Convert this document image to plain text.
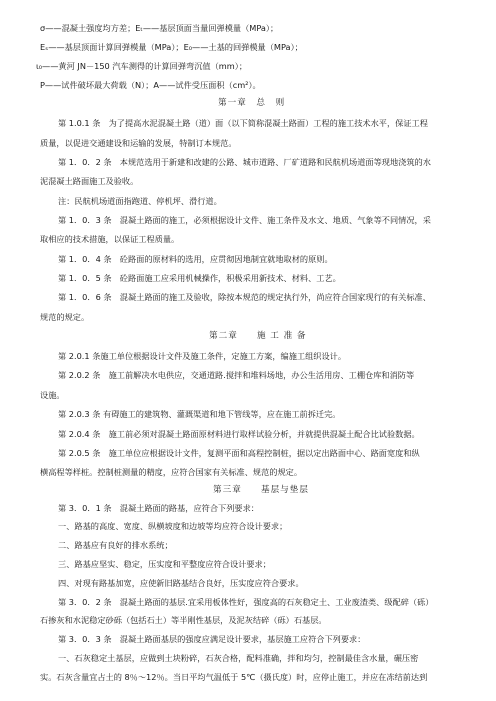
σ——混凝土强度均方差；Eₜ——基层顶面当量回弹模量（MPa）；
Eₛ——基层顶面计算回弹模量（MPa）；E₀——土基的回弹模量（MPa）；
ι₀——黄河 JN－150 汽车测得的计算回弹弯沉值（mm）；
P——试件破坏最大荷载（N）；A——试件受压面积（cm²）。
第一章　总　则
第 1.0.1 条　为了提高水泥混凝土路（道）面（以下简称混凝土路面）工程的施工技术水平，保证工程
质量，以促进交通建设和运输的发展，特制订本规范。
第 1．0．2 条　本规范选用于新建和改建的公路、城市道路、厂矿道路和民航机场道面等现地浇筑的水
泥混凝土路面施工及验收。
注：民航机场道面指跑道、停机坪、滑行道。
第 1．0．3 条　混凝土路面的施工，必须根据设计文件、施工条件及水文、地质、气象等不同情况，采
取相应的技术措施，以保证工程质量。
第 1．0．4 条　砼路面的原材料的选用，应贯彻因地制宜就地取材的原则。
第 1．0．5 条　砼路面施工应采用机械操作，积极采用新技术、材料、工艺。
第 1．0．6 条　混凝土路面的施工及验收，除按本规范的规定执行外，尚应符合国家现行的有关标准、
规范的规定。
第二章　　施 工 准 备
第 2.0.1 条施工单位根据设计文件及施工条件，定施工方案，编施工组织设计。
第 2.0.2 条　施工前解决水电供应，交通道路.搅拌和堆料场地，办公生活用房、工棚仓库和消防等
设施。
第 2.0.3 条 有碍施工的建筑物、灌溉渠道和地下管线等，应在施工前拆迁完。
第 2.0.4 条　施工前必须对混凝土路面原材料进行取样试验分析，并就提供混凝土配合比试验数据。
第 2.0.5 条　施工单位应根据设计文件，复测平面和高程控制桩，据以定出路面中心、路面宽度和纵
横高程等样桩。控制桩测量的精度，应符合国家有关标准、规范的规定。
第三章　　基层与垫层
第 3．0．1 条　混凝土路面的路基，应符合下列要求：
一、路基的高度、宽度、纵横坡度和边坡等均应符合设计要求；
二、路基应有良好的排水系统；
三、路基应坚实、稳定，压实度和平整度应符合设计要求；
四、对现有路基加宽，应使新旧路基结合良好，压实度应符合要求。
第 3．0．2 条　混凝土路面的基层.宜采用板体性好，强度高的石灰稳定土、工业废渣类、级配碎（砾）
石掺灰和水泥稳定砂砾（包括石土）等半刚性基层，及泥灰结碎（砾）石基层。
第 3．0．3 条　混凝土路面基层的强度应满足设计要求，基层施工应符合下列要求：
一、石灰稳定土基层，应做到土块粉碎，石灰合格，配料准确，拌和均匀，控制最佳含水量，碾压密
实。石灰含量宜占土的 8％～12％。当日平均气温低于 5℃（摄氏度）时，应停止施工，并应在冻结前达到
